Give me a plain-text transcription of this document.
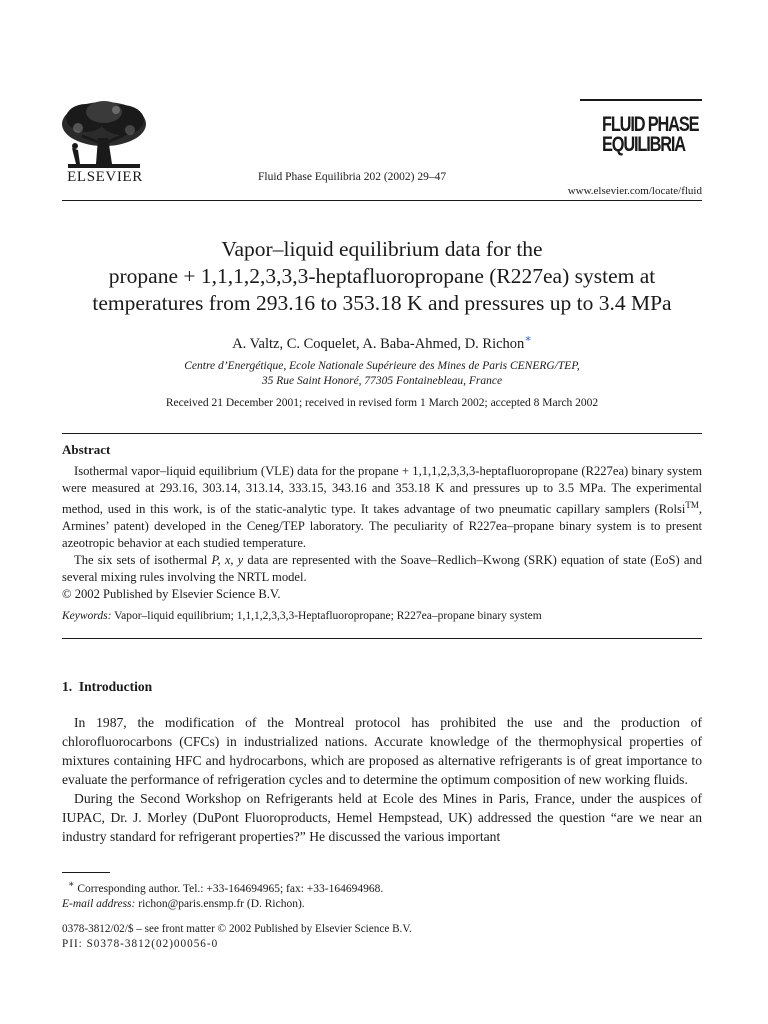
ELSEVIER	Fluid Phase Equilibria 202 (2002) 29–47
FLUID PHASE
EQUILIBRIA
www.elsevier.com/locate/fluid
Vapor–liquid equilibrium data for the
propane + 1,1,1,2,3,3,3-heptafluoropropane (R227ea) system at
temperatures from 293.16 to 353.18 K and pressures up to 3.4 MPa
A. Valtz, C. Coquelet, A. Baba-Ahmed, D. Richon∗
Centre d’Energétique, Ecole Nationale Supérieure des Mines de Paris CENERG/TEP,
35 Rue Saint Honoré, 77305 Fontainebleau, France
Received 21 December 2001; received in revised form 1 March 2002; accepted 8 March 2002
Abstract

Isothermal vapor–liquid equilibrium (VLE) data for the propane + 1,1,1,2,3,3,3-heptafluoropropane (R227ea) binary system were measured at 293.16, 303.14, 313.14, 333.15, 343.16 and 353.18 K and pressures up to 3.5 MPa. The experimental method, used in this work, is of the static-analytic type. It takes advantage of two pneumatic capillary samplers (Rolsi™, Armines’ patent) developed in the Ceneg/TEP laboratory. The peculiarity of R227ea–propane binary system is to present azeotropic behavior at each studied temperature.

The six sets of isothermal P, x, y data are represented with the Soave–Redlich–Kwong (SRK) equation of state (EoS) and several mixing rules involving the NRTL model.

© 2002 Published by Elsevier Science B.V.

Keywords: Vapor–liquid equilibrium; 1,1,1,2,3,3,3-Heptafluoropropane; R227ea–propane binary system
1.  Introduction

In 1987, the modification of the Montreal protocol has prohibited the use and the production of chlorofluorocarbons (CFCs) in industrialized nations. Accurate knowledge of the thermophysical properties of mixtures containing HFC and hydrocarbons, which are proposed as alternative refrigerants is of great importance to evaluate the performance of refrigeration cycles and to determine the optimum composition of new working fluids.

During the Second Workshop on Refrigerants held at Ecole des Mines in Paris, France, under the auspices of IUPAC, Dr. J. Morley (DuPont Fluoroproducts, Hemel Hempstead, UK) addressed the question “are we near an industry standard for refrigerant properties?” He discussed the various important

∗ Corresponding author. Tel.: +33-164694965; fax: +33-164694968.
E-mail address: richon@paris.ensmp.fr (D. Richon).
0378-3812/02/$ – see front matter © 2002 Published by Elsevier Science B.V.
PII: S0378-3812(02)00056-0
